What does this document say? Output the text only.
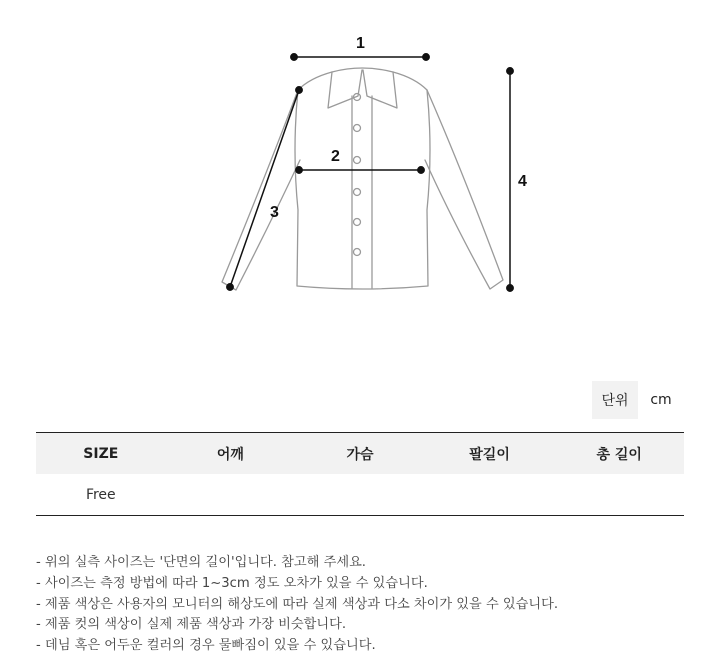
1
2
3
4
단위	cm
SIZE	어깨	가슴	팔길이	총 길이
Free
- 위의 실측 사이즈는 '단면의 길이'입니다. 참고해 주세요.
- 사이즈는 측정 방법에 따라 1~3cm 정도 오차가 있을 수 있습니다.
- 제품 색상은 사용자의 모니터의 해상도에 따라 실제 색상과 다소 차이가 있을 수 있습니다.
- 제품 컷의 색상이 실제 제품 색상과 가장 비슷합니다.
- 데님 혹은 어두운 컬러의 경우 물빠짐이 있을 수 있습니다.
